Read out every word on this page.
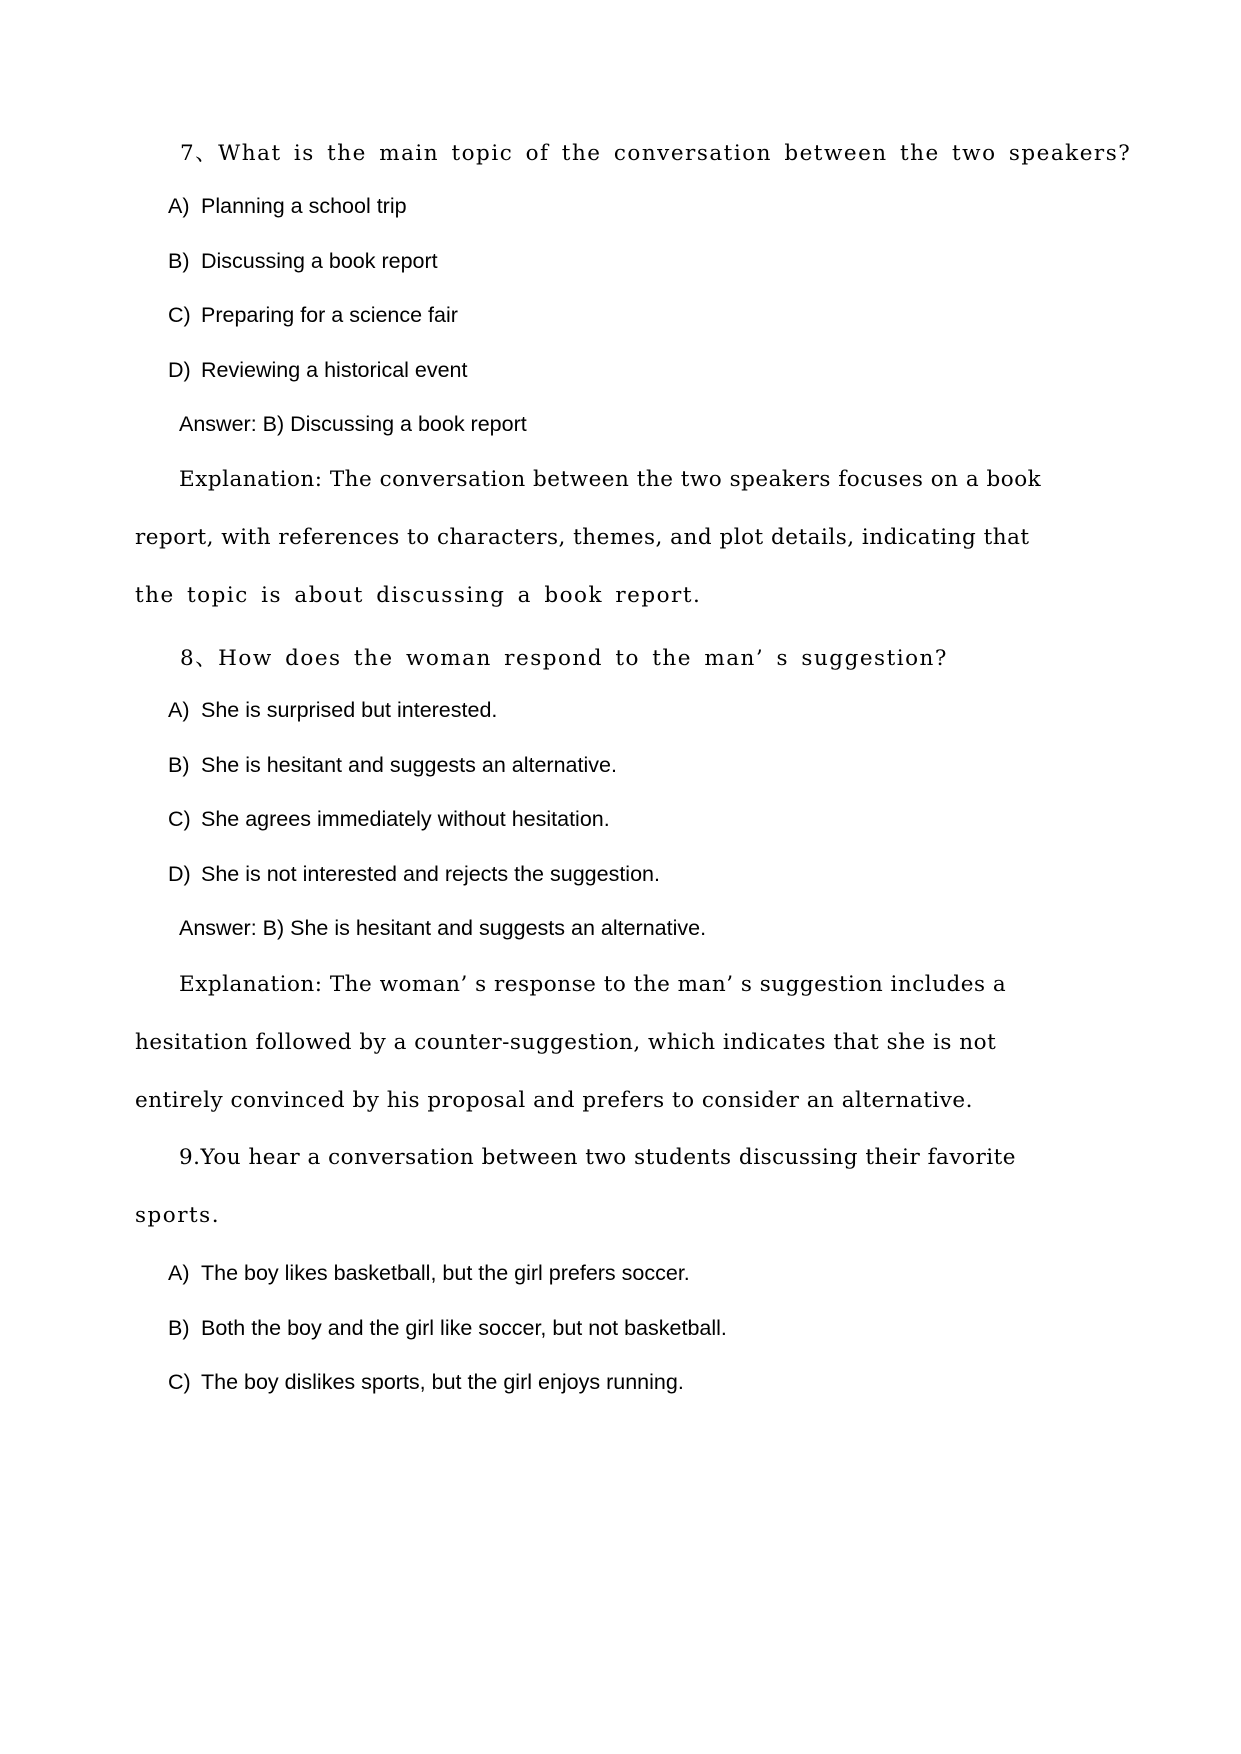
7、What is the main topic of the conversation between the two speakers?

A) Planning a school trip
B) Discussing a book report
C) Preparing for a science fair
D) Reviewing a historical event

Answer: B) Discussing a book report

Explanation: The conversation between the two speakers focuses on a book

report, with references to characters, themes, and plot details, indicating that

the topic is about discussing a book report.

8、How does the woman respond to the man’ s suggestion?

A) She is surprised but interested.
B) She is hesitant and suggests an alternative.
C) She agrees immediately without hesitation.
D) She is not interested and rejects the suggestion.

Answer: B) She is hesitant and suggests an alternative.

Explanation: The woman’ s response to the man’ s suggestion includes a

hesitation followed by a counter-suggestion, which indicates that she is not

entirely convinced by his proposal and prefers to consider an alternative.

9.You hear a conversation between two students discussing their favorite

sports.

A) The boy likes basketball, but the girl prefers soccer.
B) Both the boy and the girl like soccer, but not basketball.
C) The boy dislikes sports, but the girl enjoys running.
